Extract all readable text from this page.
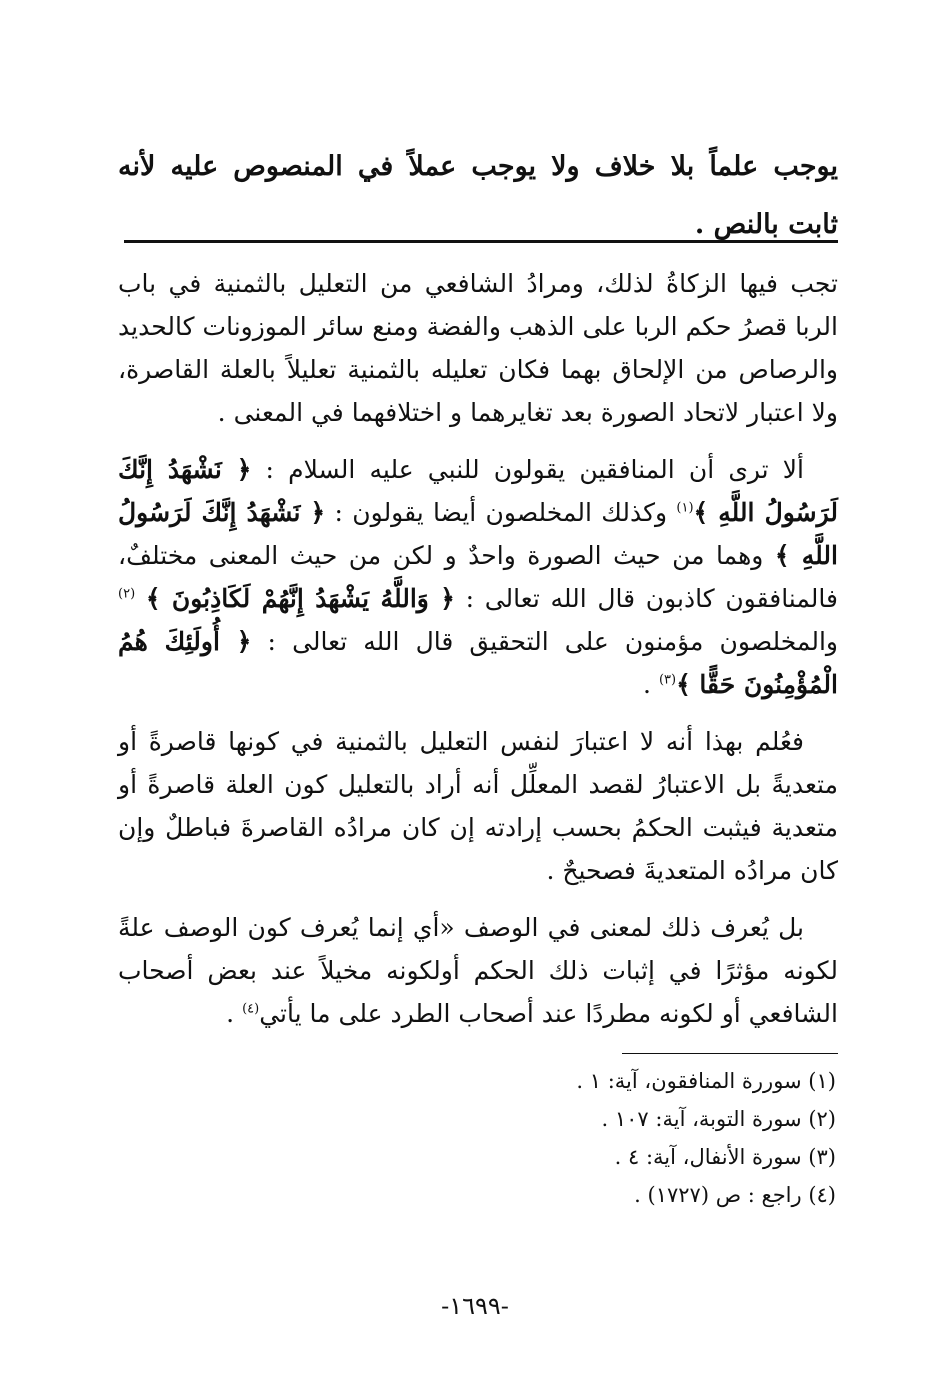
يوجب علماً بلا خلاف ولا يوجب عملاً في المنصوص عليه لأنه ثابت بالنص .

تجب فيها الزكاةُ لذلك، ومرادُ الشافعي من التعليل بالثمنية في باب الربا قصرُ حكم الربا على الذهب والفضة ومنع سائر الموزونات كالحديد والرصاص من الإلحاق بهما فكان تعليله بالثمنية تعليلاً بالعلة القاصرة، ولا اعتبار لاتحاد الصورة بعد تغايرهما و اختلافهما في المعنى .

ألا ترى أن المنافقين يقولون للنبي عليه السلام : ﴿ نَشْهَدُ إِنَّكَ لَرَسُولُ اللَّهِ ﴾$^{(١)}$ وكذلك المخلصون أيضا يقولون : ﴿ نَشْهَدُ إِنَّكَ لَرَسُولُ اللَّهِ ﴾ وهما من حيث الصورة واحدٌ و لكن من حيث المعنى مختلفٌ، فالمنافقون كاذبون قال الله تعالى : ﴿ وَاللَّهُ يَشْهَدُ إِنَّهُمْ لَكَاذِبُونَ ﴾ $^{(٢)}$ والمخلصون مؤمنون على التحقيق قال الله تعالى : ﴿ أُولَئِكَ هُمُ الْمُؤْمِنُونَ حَقًّا ﴾$^{(٣)}$ .

فعُلم بهذا أنه لا اعتبارَ لنفس التعليل بالثمنية في كونها قاصرةً أو متعديةً بل الاعتبارُ لقصد المعلِّل أنه أراد بالتعليل كون العلة قاصرةً أو متعدية فيثبت الحكمُ بحسب إرادته إن كان مرادُه القاصرةَ فباطلٌ وإن كان مرادُه المتعديةَ فصحيحٌ .

بل يُعرف ذلك لمعنى في الوصف «أي إنما يُعرف كون الوصف علةً لكونه مؤثرًا في إثبات ذلك الحكم أولكونه مخيلاً عند بعض أصحاب الشافعي أو لكونه مطردًا عند أصحاب الطرد على ما يأتي$^{(٤)}$ .

(١) سوررة المنافقون، آية: ١ .
(٢) سورة التوبة، آية: ١٠٧ .
(٣) سورة الأنفال، آية: ٤ .
(٤) راجع : ص (١٧٢٧) .
-١٦٩٩-
